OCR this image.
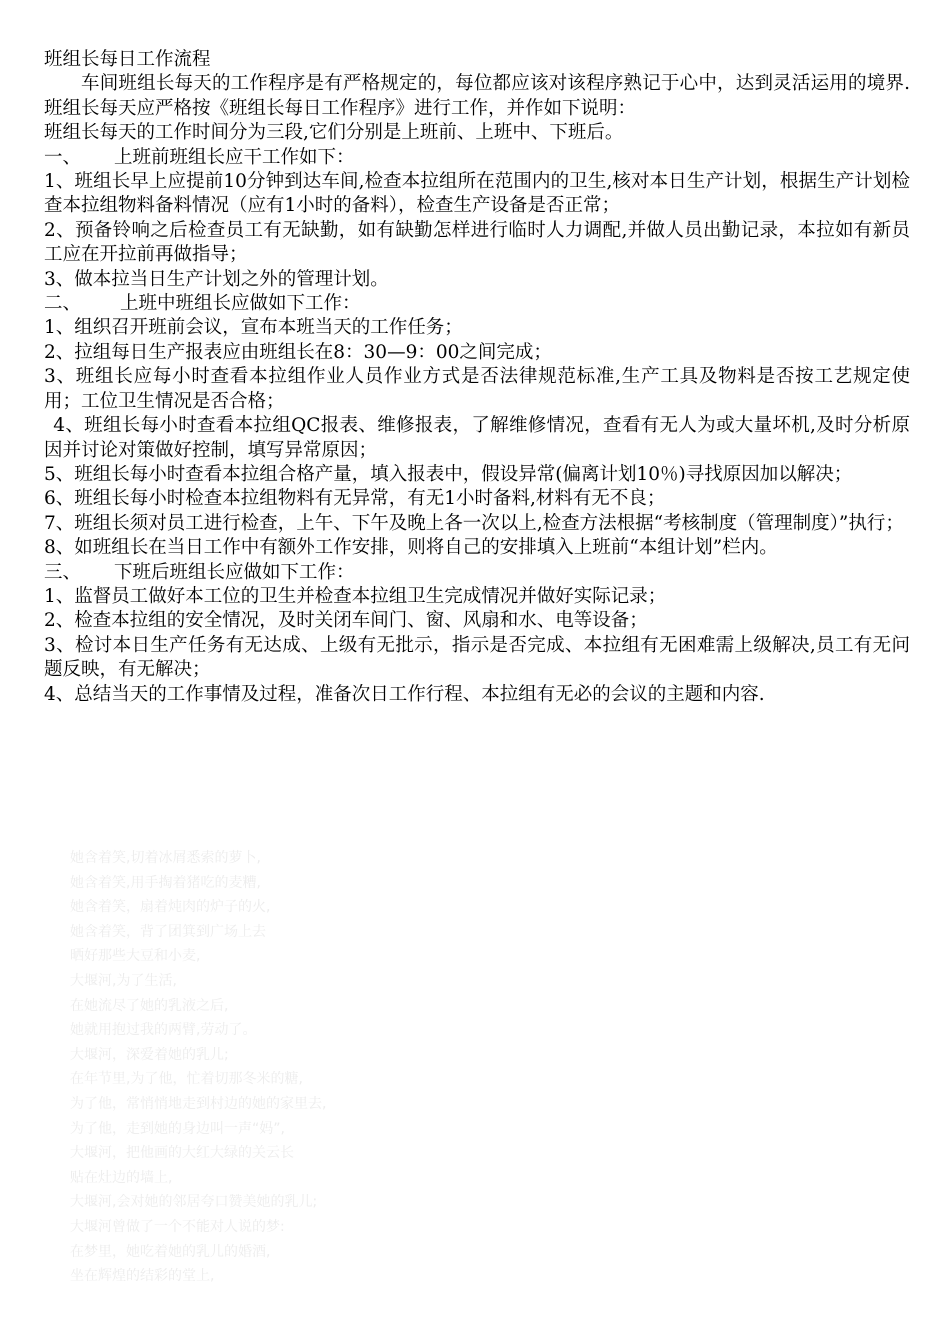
班组长每日工作流程

车间班组长每天的工作程序是有严格规定的，每位都应该对该程序熟记于心中，达到灵活运用的境界.班组长每天应严格按《班组长每日工作程序》进行工作，并作如下说明：

班组长每天的工作时间分为三段,它们分别是上班前、上班中、下班后。

一、 上班前班组长应干工作如下：

1、班组长早上应提前10分钟到达车间,检查本拉组所在范围内的卫生,核对本日生产计划，根据生产计划检查本拉组物料备料情况（应有1小时的备料），检查生产设备是否正常；

2、预备铃响之后检查员工有无缺勤，如有缺勤怎样进行临时人力调配,并做人员出勤记录，本拉如有新员工应在开拉前再做指导；

3、做本拉当日生产计划之外的管理计划。

二、 上班中班组长应做如下工作：

1、组织召开班前会议，宣布本班当天的工作任务；

2、拉组每日生产报表应由班组长在8：30—9：00之间完成；

3、班组长应每小时查看本拉组作业人员作业方式是否法律规范标准,生产工具及物料是否按工艺规定使用；工位卫生情况是否合格；

4、班组长每小时查看本拉组QC报表、维修报表，了解维修情况，查看有无人为或大量坏机,及时分析原因并讨论对策做好控制，填写异常原因；

5、班组长每小时查看本拉组合格产量，填入报表中，假设异常(偏离计划10％)寻找原因加以解决；

6、班组长每小时检查本拉组物料有无异常，有无1小时备料,材料有无不良；

7、班组长须对员工进行检查，上午、下午及晚上各一次以上,检查方法根据“考核制度（管理制度）”执行；

8、如班组长在当日工作中有额外工作安排，则将自己的安排填入上班前“本组计划”栏内。

三、 下班后班组长应做如下工作：

1、监督员工做好本工位的卫生并检查本拉组卫生完成情况并做好实际记录；

2、检查本拉组的安全情况，及时关闭车间门、窗、风扇和水、电等设备；

3、检讨本日生产任务有无达成、上级有无批示，指示是否完成、本拉组有无困难需上级解决,员工有无问题反映，有无解决；

4、总结当天的工作事情及过程，准备次日工作行程、本拉组有无必的会议的主题和内容.

她含着笑,切着冰屑悉索的萝卜,
她含着笑,用手掏着猪吃的麦糟,
她含着笑，扇着炖肉的炉子的火,
她含着笑，背了团箕到广场上去
晒好那些大豆和小麦,
大堰河,为了生活,
在她流尽了她的乳液之后,
她就用抱过我的两臂,劳动了。
大堰河，深爱着她的乳儿;
在年节里,为了他，忙着切那冬米的糖,
为了他，常悄悄地走到村边的她的家里去,
为了他，走到她的身边叫一声“妈”,
大堰河，把他画的大红大绿的关云长
贴在灶边的墙上,
大堰河,会对她的邻居夸口赞美她的乳儿;
大堰河曾做了一个不能对人说的梦:
在梦里，她吃着她的乳儿的婚酒,
坐在辉煌的结彩的堂上,
